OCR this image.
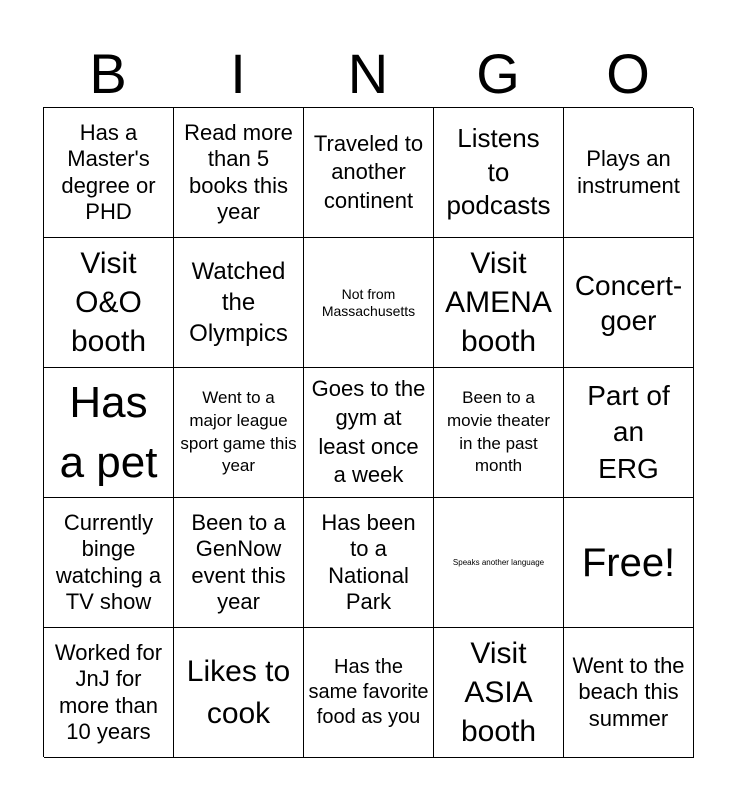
B	I	N	G	O
Has a Master's degree or PHD
Read more than 5 books this year
Traveled to another continent
Listens to podcasts
Plays an instrument
Visit O&O booth
Watched the Olympics
Not from Massachusetts
Visit AMENA booth
Concert-goer
Has a pet
Went to a major league sport game this year
Goes to the gym at least once a week
Been to a movie theater in the past month
Part of an ERG
Currently binge watching a TV show
Been to a GenNow event this year
Has been to a National Park
Speaks another language Free!
Worked for JnJ for more than 10 years
Likes to cook
Has the same favorite food as you
Visit ASIA booth
Went to the beach this summer
